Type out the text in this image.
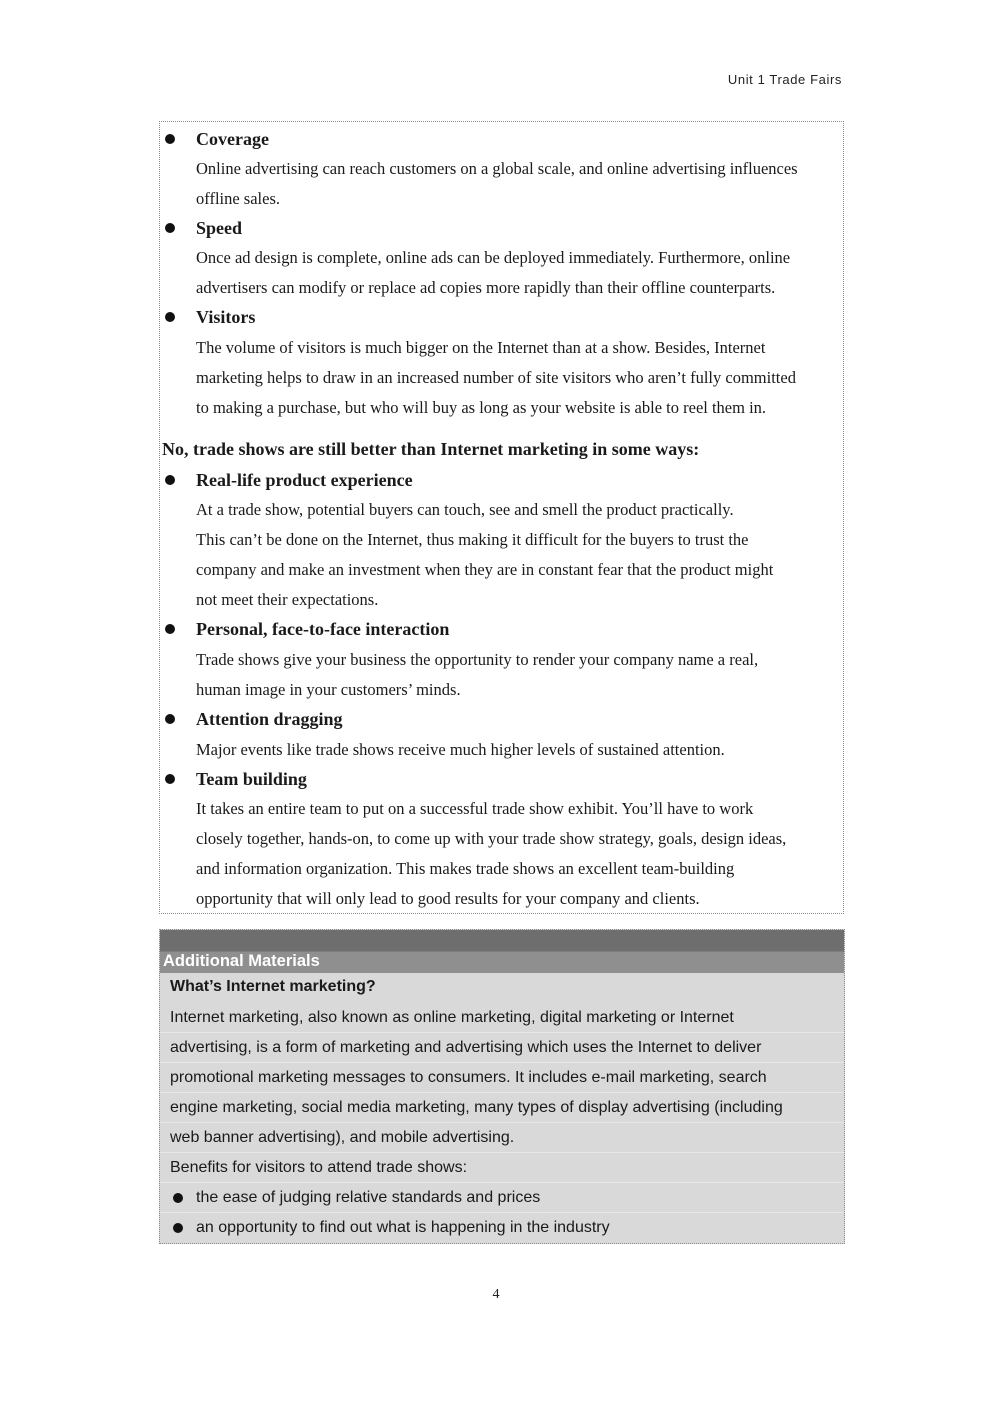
Unit 1 Trade Fairs
Coverage

Online advertising can reach customers on a global scale, and online advertising influences
offline sales.

Speed

Once ad design is complete, online ads can be deployed immediately. Furthermore, online
advertisers can modify or replace ad copies more rapidly than their offline counterparts.

Visitors

The volume of visitors is much bigger on the Internet than at a show. Besides, Internet
marketing helps to draw in an increased number of site visitors who aren’t fully committed
to making a purchase, but who will buy as long as your website is able to reel them in.

No, trade shows are still better than Internet marketing in some ways:

Real-life product experience

At a trade show, potential buyers can touch, see and smell the product practically.
This can’t be done on the Internet, thus making it difficult for the buyers to trust the
company and make an investment when they are in constant fear that the product might
not meet their expectations.

Personal, face-to-face interaction

Trade shows give your business the opportunity to render your company name a real,
human image in your customers’ minds.

Attention dragging

Major events like trade shows receive much higher levels of sustained attention.

Team building

It takes an entire team to put on a successful trade show exhibit. You’ll have to work
closely together, hands-on, to come up with your trade show strategy, goals, design ideas,
and information organization. This makes trade shows an excellent team-building
opportunity that will only lead to good results for your company and clients.

Additional Materials
What’s Internet marketing?
Internet marketing, also known as online marketing, digital marketing or Internet
advertising, is a form of marketing and advertising which uses the Internet to deliver
promotional marketing messages to consumers. It includes e-mail marketing, search
engine marketing, social media marketing, many types of display advertising (including
web banner advertising), and mobile advertising.
Benefits for visitors to attend trade shows:
the ease of judging relative standards and prices
an opportunity to find out what is happening in the industry
4
